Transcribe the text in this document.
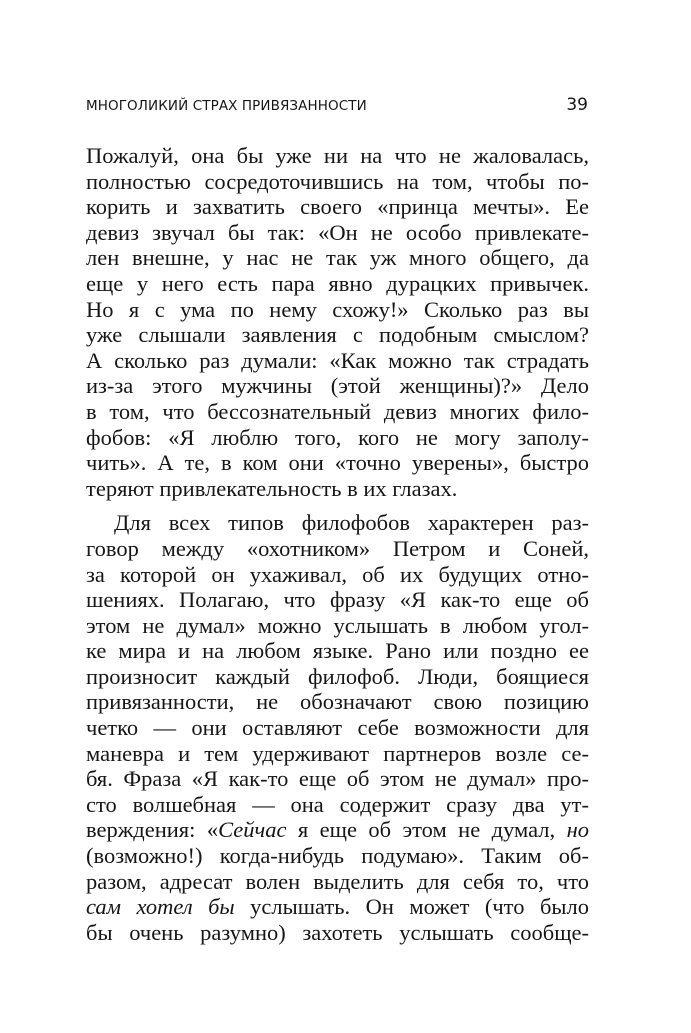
МНОГОЛИКИЙ СТРАХ ПРИВЯЗАННОСТИ	39
Пожалуй, она бы уже ни на что не жаловалась,
полностью сосредоточившись на том, чтобы по-
корить и захватить своего «принца мечты». Ее
девиз звучал бы так: «Он не особо привлекате-
лен внешне, у нас не так уж много общего, да
еще у него есть пара явно дурацких привычек.
Но я с ума по нему схожу!» Сколько раз вы
уже слышали заявления с подобным смыслом?
А сколько раз думали: «Как можно так страдать
из-за этого мужчины (этой женщины)?» Дело
в том, что бессознательный девиз многих фило-
фобов: «Я люблю того, кого не могу заполу-
чить». А те, в ком они «точно уверены», быстро
теряют привлекательность в их глазах.
Для всех типов филофобов характерен раз-
говор между «охотником» Петром и Соней,
за которой он ухаживал, об их будущих отно-
шениях. Полагаю, что фразу «Я как-то еще об
этом не думал» можно услышать в любом угол-
ке мира и на любом языке. Рано или поздно ее
произносит каждый филофоб. Люди, боящиеся
привязанности, не обозначают свою позицию
четко — они оставляют себе возможности для
маневра и тем удерживают партнеров возле се-
бя. Фраза «Я как-то еще об этом не думал» про-
сто волшебная — она содержит сразу два ут-
верждения: «Сейчас я еще об этом не думал, но
(возможно!) когда-нибудь подумаю». Таким об-
разом, адресат волен выделить для себя то, что
сам хотел бы услышать. Он может (что было
бы очень разумно) захотеть услышать сообще-
